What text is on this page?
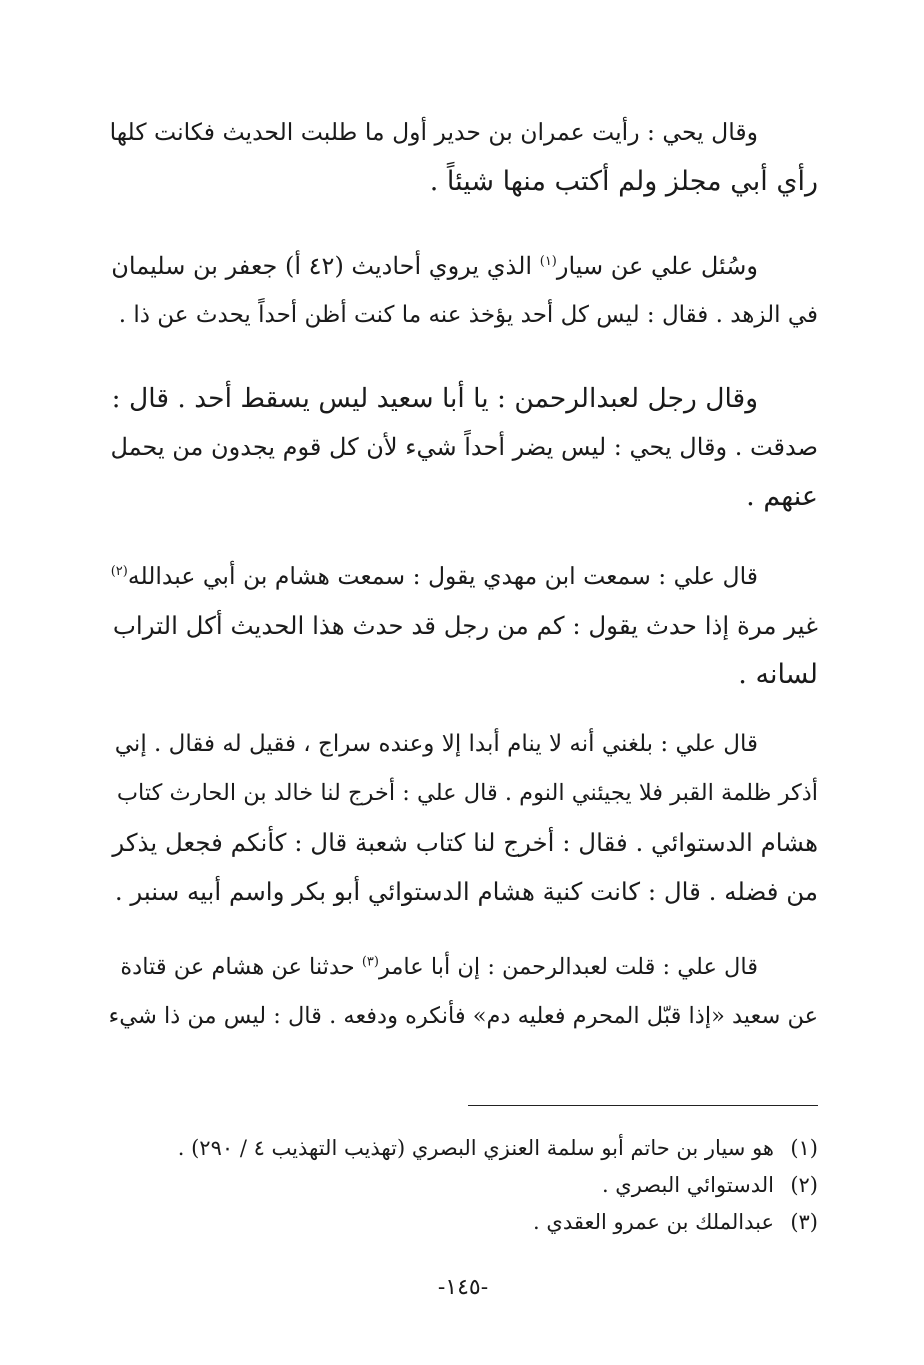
وقال يحي : رأيت عمران بن حدير أول ما طلبت الحديث فكانت كلها
رأي أبي مجلز ولم أكتب منها شيئاً .

وسُئل علي عن سيار$^{(١)}$ الذي يروي أحاديث (٤٢ أ) جعفر بن سليمان
في الزهد . فقال : ليس كل أحد يؤخذ عنه ما كنت أظن أحداً يحدث عن ذا .

وقال رجل لعبدالرحمن : يا أبا سعيد ليس يسقط أحد . قال :
صدقت . وقال يحي : ليس يضر أحداً شيء لأن كل قوم يجدون من يحمل
عنهم .

قال علي : سمعت ابن مهدي يقول : سمعت هشام بن أبي عبدالله$^{(٢)}$
غير مرة إذا حدث يقول : كم من رجل قد حدث هذا الحديث أكل التراب
لسانه .

قال علي : بلغني أنه لا ينام أبدا إلا وعنده سراج ، فقيل له فقال . إني
أذكر ظلمة القبر فلا يجيئني النوم . قال علي : أخرج لنا خالد بن الحارث كتاب
هشام الدستوائي . فقال : أخرج لنا كتاب شعبة قال : كأنكم فجعل يذكر
من فضله . قال : كانت كنية هشام الدستوائي أبو بكر واسم أبيه سنبر .

قال علي : قلت لعبدالرحمن : إن أبا عامر$^{(٣)}$ حدثنا عن هشام عن قتادة
عن سعيد «إذا قبّل المحرم فعليه دم» فأنكره ودفعه . قال : ليس من ذا شيء

(١)هو سيار بن حاتم أبو سلمة العنزي البصري (تهذيب التهذيب ٤ / ٢٩٠) .
(٢)الدستوائي البصري .
(٣)عبدالملك بن عمرو العقدي .
-١٤٥-
